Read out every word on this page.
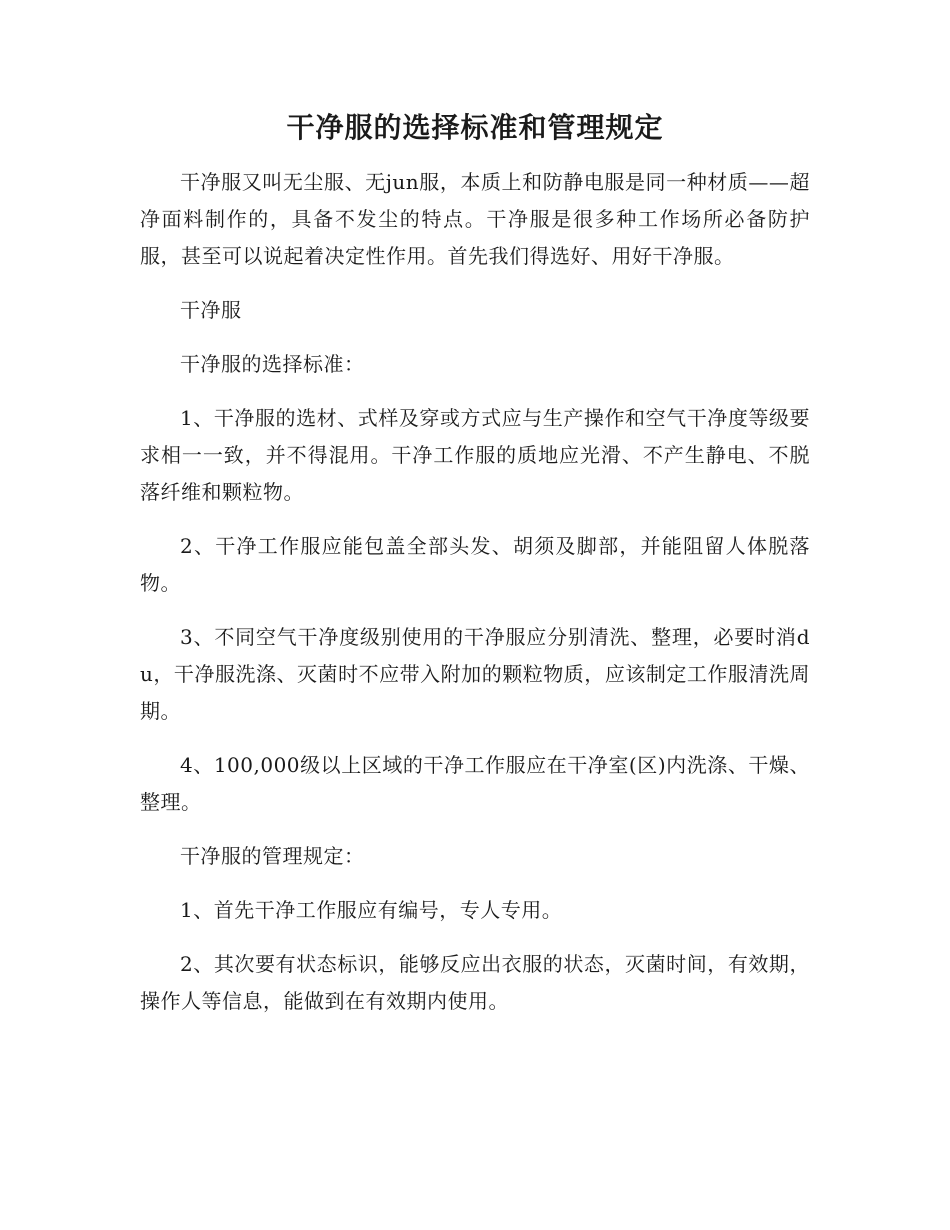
干净服的选择标准和管理规定

干净服又叫无尘服、无jun服，本质上和防静电服是同一种材质——超净面料制作的，具备不发尘的特点。干净服是很多种工作场所必备防护服，甚至可以说起着决定性作用。首先我们得选好、用好干净服。

干净服

干净服的选择标准：

1、干净服的选材、式样及穿或方式应与生产操作和空气干净度等级要求相一一致，并不得混用。干净工作服的质地应光滑、不产生静电、不脱落纤维和颗粒物。

2、干净工作服应能包盖全部头发、胡须及脚部，并能阻留人体脱落物。

3、不同空气干净度级别使用的干净服应分别清洗、整理，必要时消du，干净服洗涤、灭菌时不应带入附加的颗粒物质，应该制定工作服清洗周期。

4、100,000级以上区域的干净工作服应在干净室(区)内洗涤、干燥、整理。

干净服的管理规定：

1、首先干净工作服应有编号，专人专用。

2、其次要有状态标识，能够反应出衣服的状态，灭菌时间，有效期，操作人等信息，能做到在有效期内使用。
